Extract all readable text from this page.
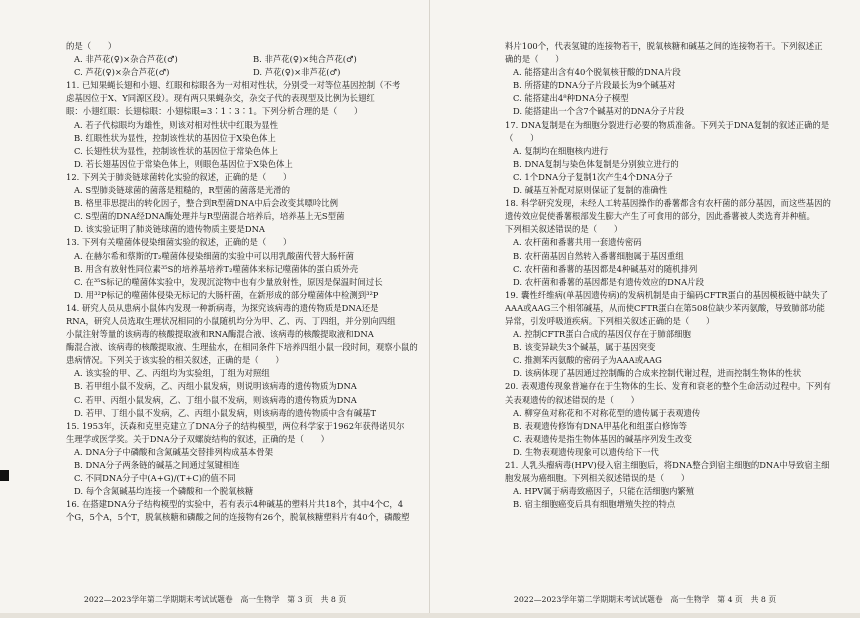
的是（　　）
A. 非芦花(♀)×杂合芦花(♂)	B. 非芦花(♀)×纯合芦花(♂)
C. 芦花(♀)×杂合芦花(♂)	D. 芦花(♀)×非芦花(♂)
11. 已知果蝇长翅和小翅、红眼和棕眼各为一对相对性状，分别受一对等位基因控制（不考
虑基因位于X、Y同源区段）。现有两只果蝇杂交，杂交子代的表现型及比例为长翅红
眼：小翅红眼：长翅棕眼：小翅棕眼=3∶1∶3∶1。下列分析合理的是（　　）
A. 若子代棕眼均为雄性，则该对相对性状中红眼为显性
B. 红眼性状为显性，控制该性状的基因位于X染色体上
C. 长翅性状为显性，控制该性状的基因位于常染色体上
D. 若长翅基因位于常染色体上，则眼色基因位于X染色体上
12. 下列关于肺炎链球菌转化实验的叙述，正确的是（　　）
A. S型肺炎链球菌的菌落是粗糙的，R型菌的菌落是光滑的
B. 格里菲思提出的转化因子，整合到R型菌DNA中后会改变其嘌呤比例
C. S型菌的DNA经DNA酶处理并与R型菌混合培养后，培养基上无S型菌
D. 该实验证明了肺炎链球菌的遗传物质主要是DNA
13. 下列有关噬菌体侵染细菌实验的叙述，正确的是（　　）
A. 在赫尔希和蔡斯的T₂噬菌体侵染细菌的实验中可以用乳酸菌代替大肠杆菌
B. 用含有放射性同位素³⁵S的培养基培养T₂噬菌体来标记噬菌体的蛋白质外壳
C. 在³⁵S标记的噬菌体实验中，发现沉淀物中也有少量放射性，原因是保温时间过长
D. 用³²P标记的噬菌体侵染无标记的大肠杆菌，在新形成的部分噬菌体中检测到³²P
14. 研究人员从患病小鼠体内发现一种新病毒，为探究该病毒的遗传物质是DNA还是
RNA，研究人员选取生理状况相同的小鼠随机均分为甲、乙、丙、丁四组，并分别向四组
小鼠注射等量的该病毒的核酸提取液和RNA酶混合液、该病毒的核酸提取液和DNA
酶混合液、该病毒的核酸提取液、生理盐水，在相同条件下培养四组小鼠一段时间，观察小鼠的
患病情况。下列关于该实验的相关叙述，正确的是（　　）
A. 该实验的甲、乙、丙组均为实验组，丁组为对照组
B. 若甲组小鼠不发病，乙、丙组小鼠发病，则说明该病毒的遗传物质为DNA
C. 若甲、丙组小鼠发病，乙、丁组小鼠不发病，则该病毒的遗传物质为DNA
D. 若甲、丁组小鼠不发病，乙、丙组小鼠发病，则该病毒的遗传物质中含有碱基T
15. 1953年，沃森和克里克建立了DNA分子的结构模型，两位科学家于1962年获得诺贝尔
生理学或医学奖。关于DNA分子双螺旋结构的叙述，正确的是（　　）
A. DNA分子中磷酸和含氮碱基交替排列构成基本骨架
B. DNA分子两条链的碱基之间通过氢键相连
C. 不同DNA分子中(A+G)/(T+C)的值不同
D. 每个含氮碱基均连接一个磷酸和一个脱氧核糖
16. 在搭建DNA分子结构模型的实验中，若有表示4种碱基的塑料片共18个，其中4个C，4
个G，5个A，5个T，脱氧核糖和磷酸之间的连接物有26个，脱氧核糖塑料片有40个，磷酸塑
2022—2023学年第二学期期末考试试题卷　高一生物学　第 3 页　共 8 页
料片100个，代表氢键的连接物若干，脱氧核糖和碱基之间的连接物若干。下列叙述正
确的是（　　）
A. 能搭建出含有40个脱氧核苷酸的DNA片段
B. 所搭建的DNA分子片段最长为9个碱基对
C. 能搭建出4⁸种DNA分子模型
D. 能搭建出一个含7个碱基对的DNA分子片段
17. DNA复制是在为细胞分裂进行必要的物质准备。下列关于DNA复制的叙述正确的是
（　　）
A. 复制均在细胞核内进行
B. DNA复制与染色体复制是分别独立进行的
C. 1个DNA分子复制1次产生4个DNA分子
D. 碱基互补配对原则保证了复制的准确性
18. 科学研究发现，未经人工转基因操作的番薯都含有农杆菌的部分基因，而这些基因的
遗传效应促使番薯根部发生膨大产生了可食用的部分，因此番薯被人类选育并种植。
下列相关叙述错误的是（　　）
A. 农杆菌和番薯共用一套遗传密码
B. 农杆菌基因自然转入番薯细胞属于基因重组
C. 农杆菌和番薯的基因都是4种碱基对的随机排列
D. 农杆菌和番薯的基因都是有遗传效应的DNA片段
19. 囊性纤维病(单基因遗传病)的发病机制是由于编码CFTR蛋白的基因模板链中缺失了
AAA或AAG三个相邻碱基，从而使CFTR蛋白在第508位缺少苯丙氨酸，导致肺部功能
异常，引发呼吸道疾病。下列相关叙述正确的是（　　）
A. 控制CFTR蛋白合成的基因仅存在于肺部细胞
B. 该变异缺失3个碱基，属于基因突变
C. 推测苯丙氨酸的密码子为AAA或AAG
D. 该病体现了基因通过控制酶的合成来控制代谢过程，进而控制生物体的性状
20. 表观遗传现象普遍存在于生物体的生长、发育和衰老的整个生命活动过程中。下列有
关表观遗传的叙述错误的是（　　）
A. 柳穿鱼对称花和不对称花型的遗传属于表观遗传
B. 表观遗传修饰有DNA甲基化和组蛋白修饰等
C. 表观遗传是指生物体基因的碱基序列发生改变
D. 生物表观遗传现象可以遗传给下一代
21. 人乳头瘤病毒(HPV)侵入宿主细胞后，将DNA整合到宿主细胞的DNA中导致宿主细
胞发展为癌细胞。下列相关叙述错误的是（　　）
A. HPV属于病毒致癌因子，只能在活细胞内繁殖
B. 宿主细胞癌变后具有细胞增殖失控的特点
2022—2023学年第二学期期末考试试题卷　高一生物学　第 4 页　共 8 页
